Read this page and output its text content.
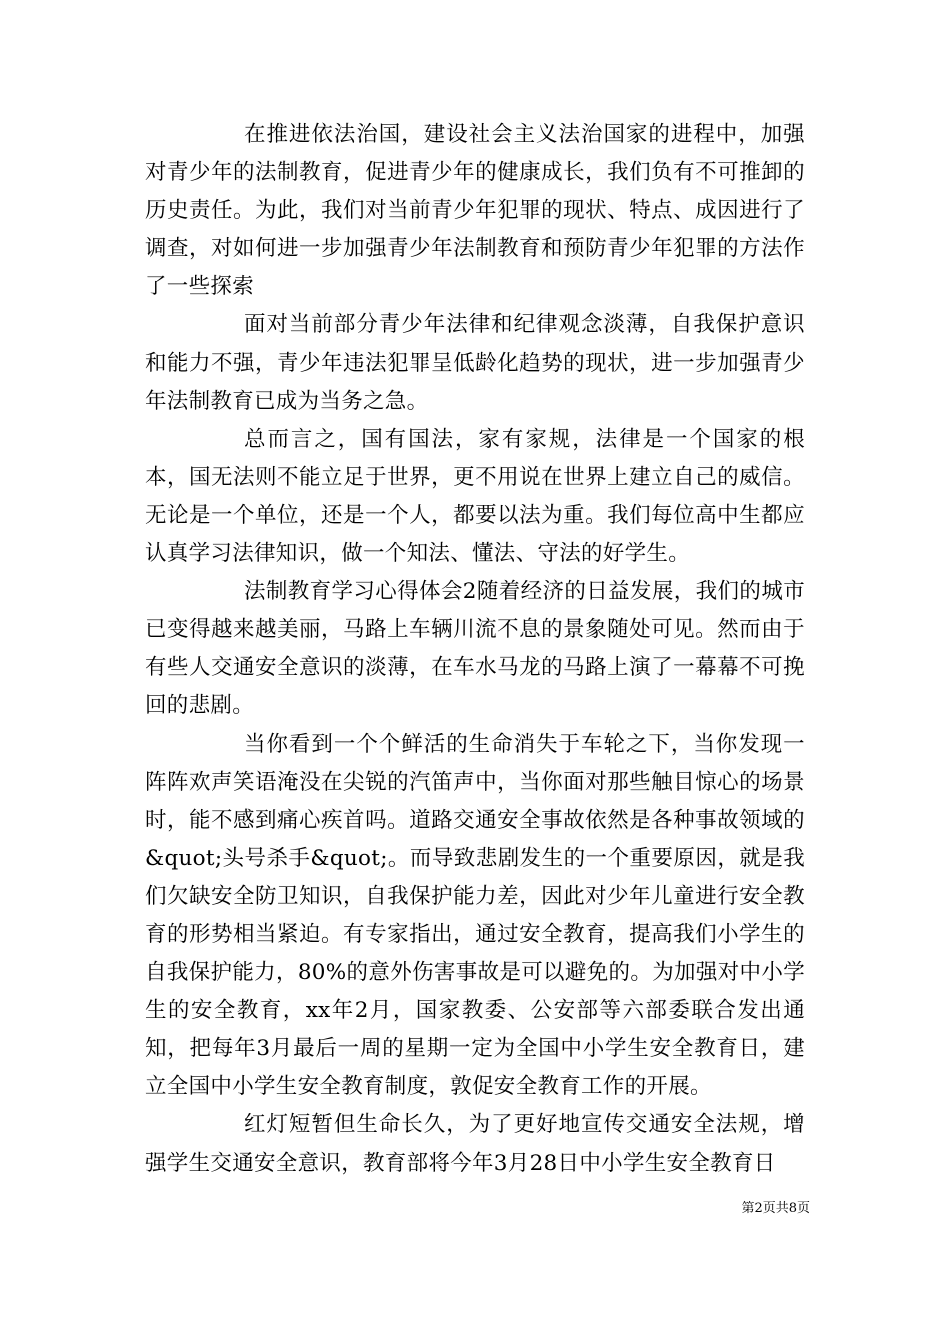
在推进依法治国，建设社会主义法治国家的进程中，加强对青少年的法制教育，促进青少年的健康成长，我们负有不可推卸的历史责任。为此，我们对当前青少年犯罪的现状、特点、成因进行了调查，对如何进一步加强青少年法制教育和预防青少年犯罪的方法作了一些探索

面对当前部分青少年法律和纪律观念淡薄，自我保护意识和能力不强，青少年违法犯罪呈低龄化趋势的现状，进一步加强青少年法制教育已成为当务之急。

总而言之，国有国法，家有家规，法律是一个国家的根本，国无法则不能立足于世界，更不用说在世界上建立自己的威信。无论是一个单位，还是一个人，都要以法为重。我们每位高中生都应认真学习法律知识，做一个知法、懂法、守法的好学生。

法制教育学习心得体会2随着经济的日益发展，我们的城市已变得越来越美丽，马路上车辆川流不息的景象随处可见。然而由于有些人交通安全意识的淡薄，在车水马龙的马路上演了一幕幕不可挽回的悲剧。

当你看到一个个鲜活的生命消失于车轮之下，当你发现一阵阵欢声笑语淹没在尖锐的汽笛声中，当你面对那些触目惊心的场景时，能不感到痛心疾首吗。道路交通安全事故依然是各种事故领域的&quot;头号杀手&quot;。而导致悲剧发生的一个重要原因，就是我们欠缺安全防卫知识，自我保护能力差，因此对少年儿童进行安全教育的形势相当紧迫。有专家指出，通过安全教育，提高我们小学生的自我保护能力，80%的意外伤害事故是可以避免的。为加强对中小学生的安全教育，xx年2月，国家教委、公安部等六部委联合发出通知，把每年3月最后一周的星期一定为全国中小学生安全教育日，建立全国中小学生安全教育制度，敦促安全教育工作的开展。

红灯短暂但生命长久，为了更好地宣传交通安全法规，增强学生交通安全意识，教育部将今年3月28日中小学生安全教育日

第2页共8页
